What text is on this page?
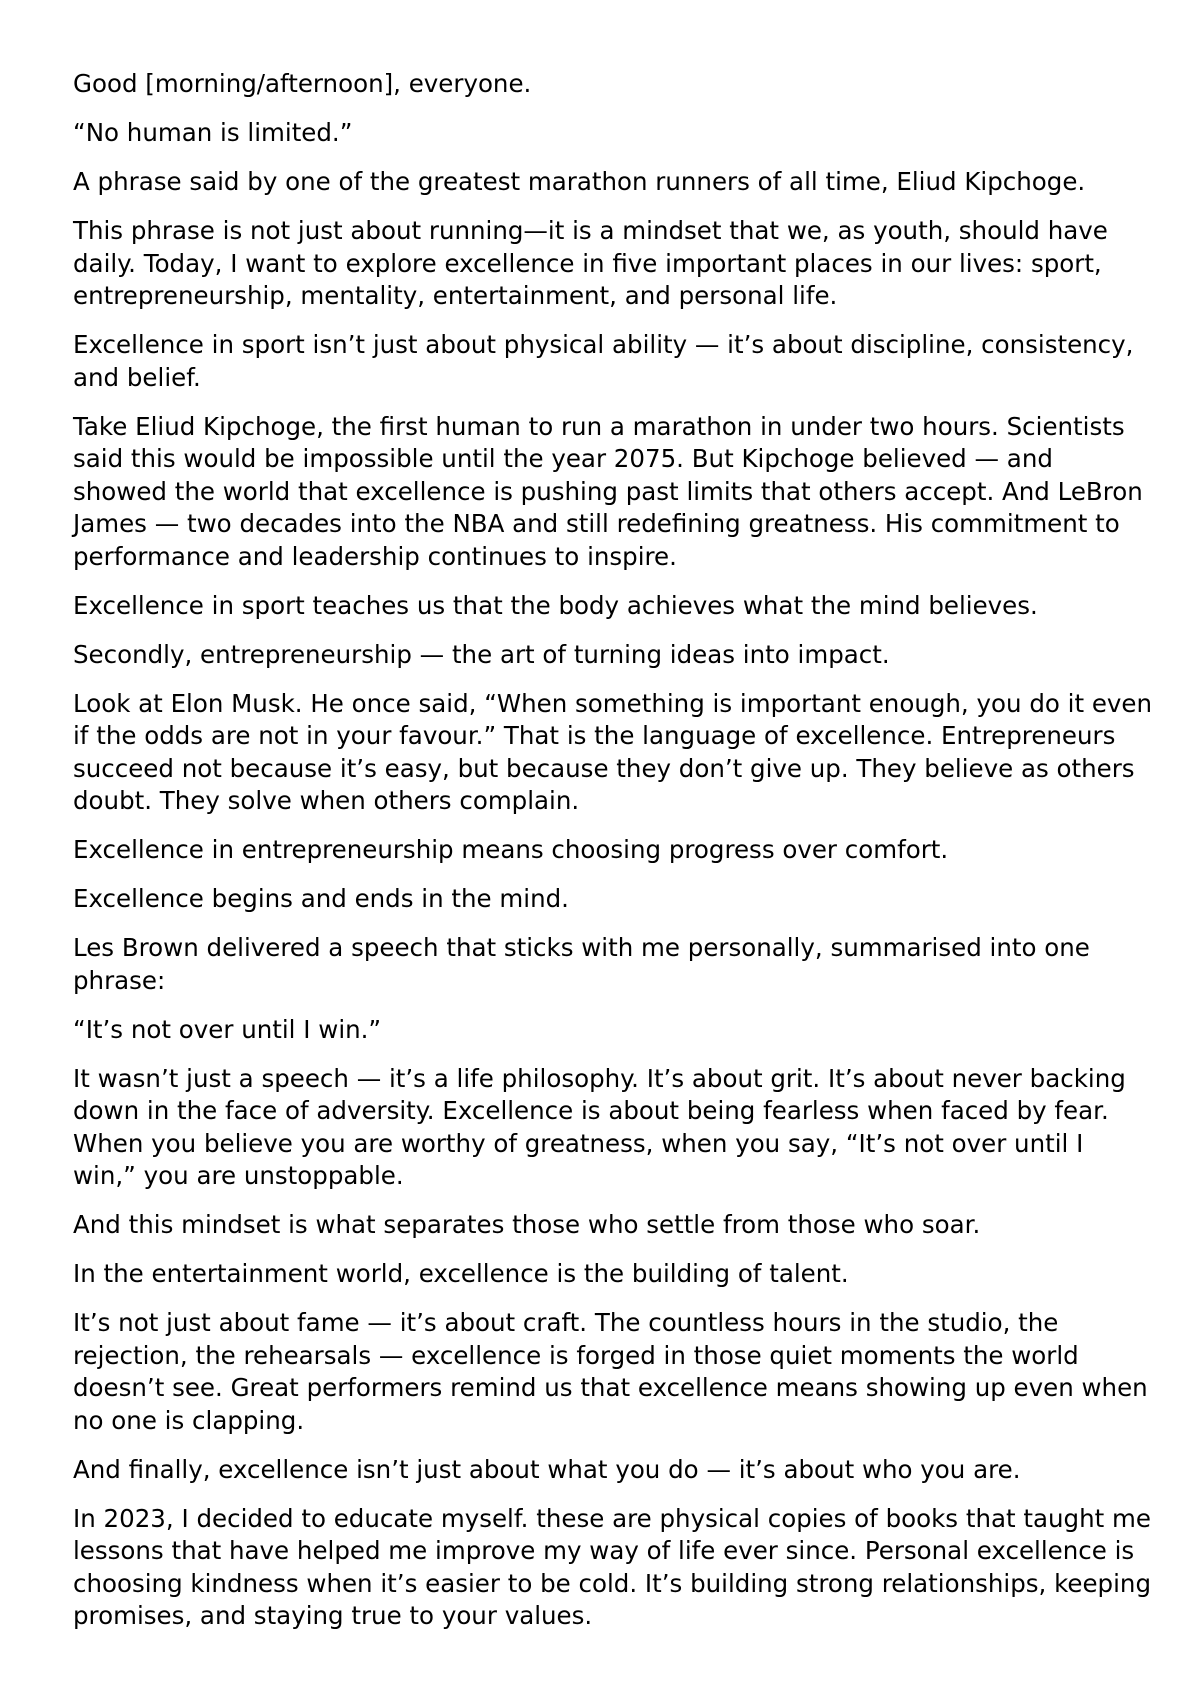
Good [morning/afternoon], everyone.

“No human is limited.”

A phrase said by one of the greatest marathon runners of all time, Eliud Kipchoge.

This phrase is not just about running—it is a mindset that we, as youth, should have daily. Today, I want to explore excellence in five important places in our lives: sport, entrepreneurship, mentality, entertainment, and personal life.

Excellence in sport isn’t just about physical ability — it’s about discipline, consistency, and belief.

Take Eliud Kipchoge, the first human to run a marathon in under two hours. Scientists said this would be impossible until the year 2075. But Kipchoge believed — and showed the world that excellence is pushing past limits that others accept. And LeBron James — two decades into the NBA and still redefining greatness. His commitment to performance and leadership continues to inspire.

Excellence in sport teaches us that the body achieves what the mind believes.

Secondly, entrepreneurship — the art of turning ideas into impact.

Look at Elon Musk. He once said, “When something is important enough, you do it even if the odds are not in your favour.” That is the language of excellence. Entrepreneurs succeed not because it’s easy, but because they don’t give up. They believe as others doubt. They solve when others complain.

Excellence in entrepreneurship means choosing progress over comfort.

Excellence begins and ends in the mind.

Les Brown delivered a speech that sticks with me personally, summarised into one phrase:

“It’s not over until I win.”

It wasn’t just a speech — it’s a life philosophy. It’s about grit. It’s about never backing down in the face of adversity. Excellence is about being fearless when faced by fear. When you believe you are worthy of greatness, when you say, “It’s not over until I win,” you are unstoppable.

And this mindset is what separates those who settle from those who soar.

In the entertainment world, excellence is the building of talent.

It’s not just about fame — it’s about craft. The countless hours in the studio, the rejection, the rehearsals — excellence is forged in those quiet moments the world doesn’t see. Great performers remind us that excellence means showing up even when no one is clapping.

And finally, excellence isn’t just about what you do — it’s about who you are.

In 2023, I decided to educate myself. these are physical copies of books that taught me lessons that have helped me improve my way of life ever since. Personal excellence is choosing kindness when it’s easier to be cold. It’s building strong relationships, keeping promises, and staying true to your values.
